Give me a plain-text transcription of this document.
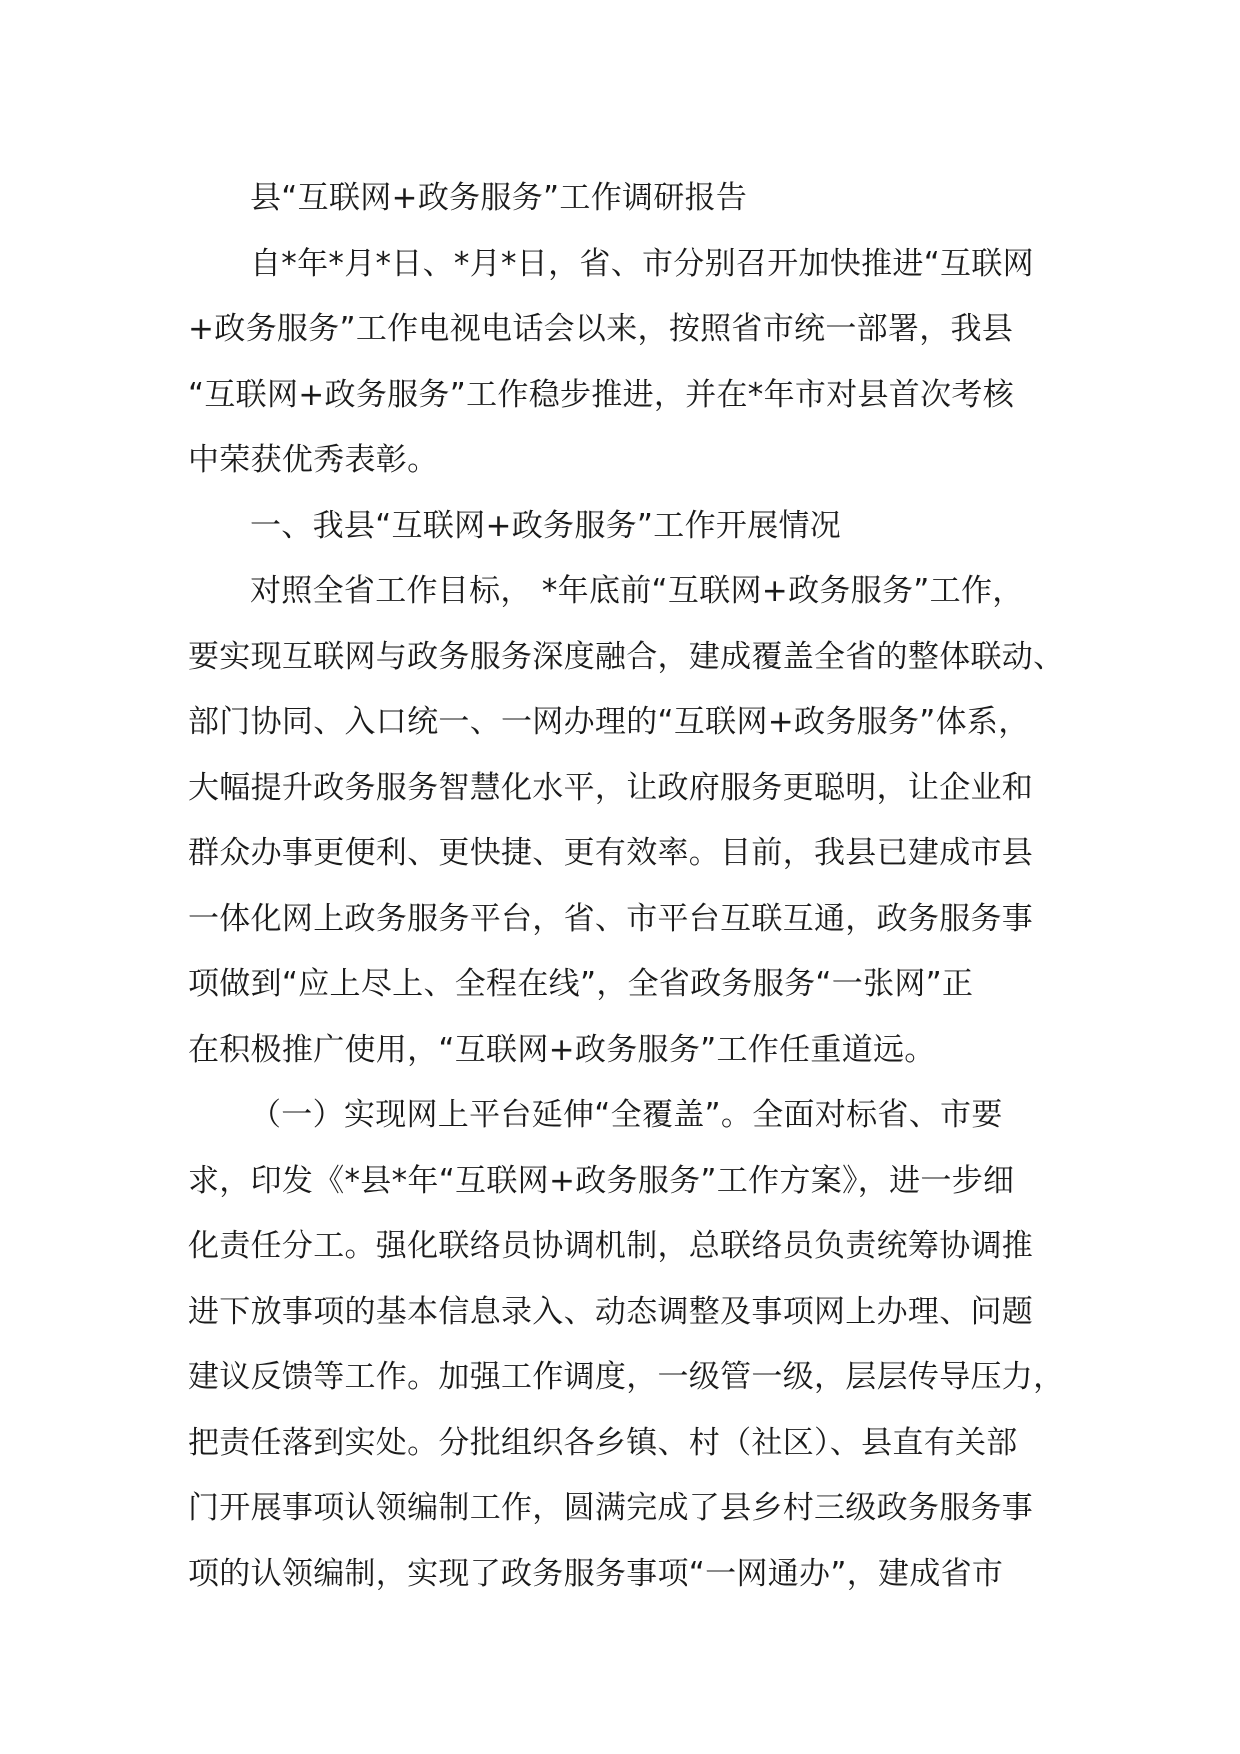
县“互联网+政务服务”工作调研报告
自*年*月*日、*月*日，省、市分别召开加快推进“互联网
+政务服务”工作电视电话会以来，按照省市统一部署，我县
“互联网+政务服务”工作稳步推进，并在*年市对县首次考核
中荣获优秀表彰。
一、我县“互联网+政务服务”工作开展情况
对照全省工作目标， *年底前“互联网+政务服务”工作，
要实现互联网与政务服务深度融合，建成覆盖全省的整体联动、
部门协同、入口统一、一网办理的“互联网+政务服务”体系，
大幅提升政务服务智慧化水平，让政府服务更聪明，让企业和
群众办事更便利、更快捷、更有效率。目前，我县已建成市县
一体化网上政务服务平台，省、市平台互联互通，政务服务事
项做到“应上尽上、全程在线”，全省政务服务“一张网”正
在积极推广使用，“互联网+政务服务”工作任重道远。
（一）实现网上平台延伸“全覆盖”。全面对标省、市要
求，印发《*县*年“互联网+政务服务”工作方案》，进一步细
化责任分工。强化联络员协调机制，总联络员负责统筹协调推
进下放事项的基本信息录入、动态调整及事项网上办理、问题
建议反馈等工作。加强工作调度，一级管一级，层层传导压力，
把责任落到实处。分批组织各乡镇、村（社区）、县直有关部
门开展事项认领编制工作，圆满完成了县乡村三级政务服务事
项的认领编制，实现了政务服务事项“一网通办”，建成省市
